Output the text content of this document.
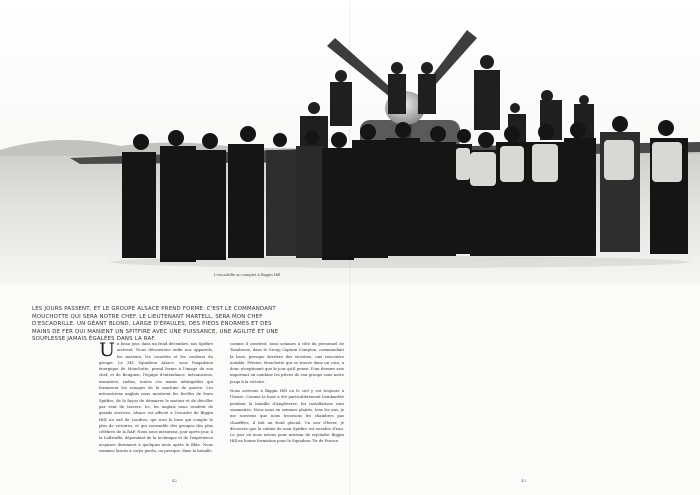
L'escadrille au complet à Biggin Hill
LES JOURS PASSENT, ET LE GROUPE ALSACE PREND FORME. C'EST LE COMMANDANT MOUCHOTTE QUI SERA NOTRE CHEF. LE LIEUTENANT MARTELL, SERA MON CHEF D'ESCADRILLE. UN GÉANT BLOND, LARGE D'ÉPAULES, DES PIEDS ÉNORMES ET DES MAINS DE FER QUI MANIENT UN SPITFIRE AVEC UNE PUISSANCE, UNE AGILITÉ ET UNE SOUPLESSE JAMAIS ÉGALÉES DANS LA RAF.
U n beau jour, dans un froid décembre, nos Spitfire arrivent. Nous découvrons enfin nos appareils, les moteurs, les cocardes et les couleurs du groupe. Le 341 Squadron Alsace, sous l'impulsion énergique de Mouchotte, prend forme à l'image de son chef, et de Bouguen, l'équipe d'intendance, mécaniciens, armuriers, radios, toutes ces mains infatigables qui formeront les rouages de la machine de guerre. Les mécaniciens anglais nous montrent les ficelles de leurs Spitfire, de la façon de démarrer le moteur et de décoller par vent de travers. Ici, les anglais nous rendent de grands services. Alsace est affecté à l'escadre de Biggin Hill, au sud de Londres, qui sera la base qui compte le plus de victoires, et qui rassemble des groupes des plus célèbres de la RAF. Nous nous mesurons, jour après jour, à la Luftwaffe, dépendant de la technique et de l'expérience acquises durement à quelques mois après le Blitz. Nous sommes lancés à corps perdu, ou presque, dans la bataille.
comme il convient, nous sommes à côté du personnel de Tanabosse, dans le Group Captain Compton, commandant la base, presque derrière des victoires, une rencontre notable. Février, Mouchotte qui se trouve dans un coin, a donc réceptionné que le jour qu'il pense. D'un dernier avis important on combine les pièces de son groupe sous notre jusqu'à la victoire.
Nous arrivons à Biggin Hill où le ciel y est toujours à l'heure. Comme la base a été particulièrement bombardée pendant la bataille d'Angleterre, les installations sont sommaires. Nous nous en sommes plaints, tous les ans, je me souviens que nous trouvions les chambres pas chauffées, il fait un froid glacial. Un soir d'hiver, je découvre que la cabine de mon Spitfire est envahie d'eau. Le jour où nous avions pour mission de rejoindre Biggin Hill en bonne formation pour le Squadron Tir de France.
42	43
